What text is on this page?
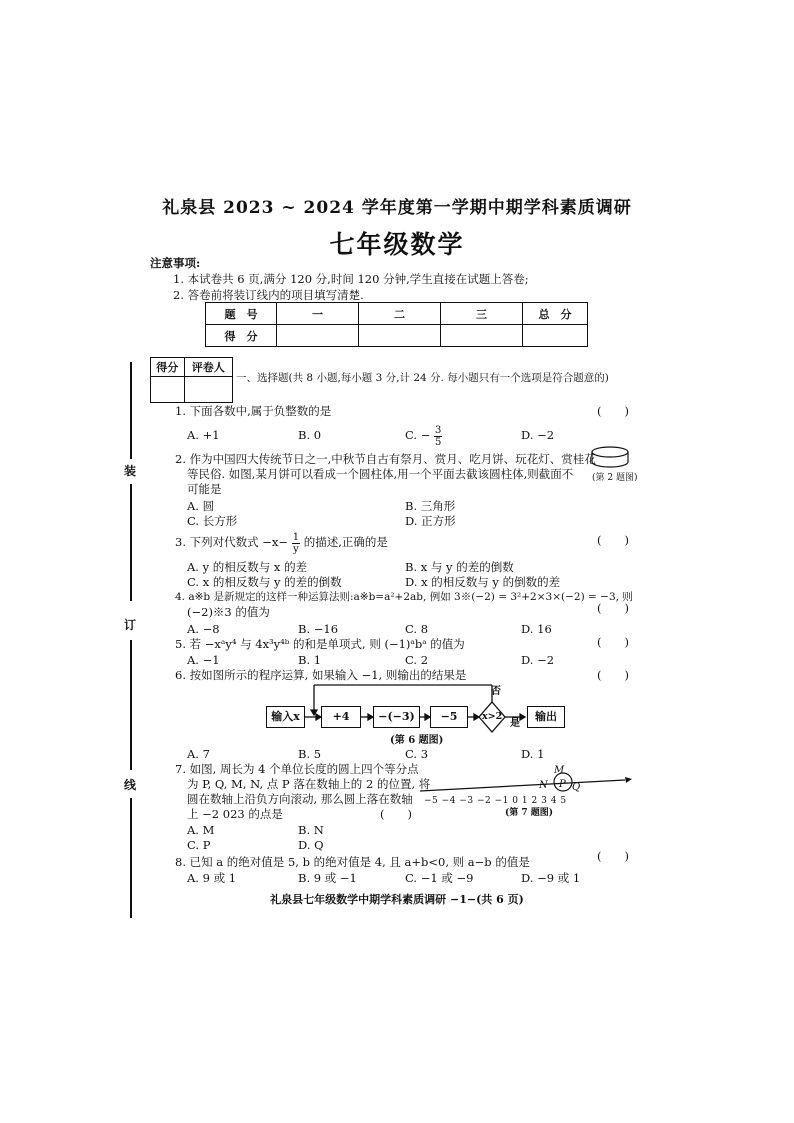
礼泉县 2023 ~ 2024 学年度第一学期中期学科素质调研
七年级数学
注意事项:
1. 本试卷共 6 页,满分 120 分,时间 120 分钟,学生直接在试题上答卷;
2. 答卷前将装订线内的项目填写清楚.
题　号	一	二	三	总　分
得　分				
装
订
线
得分	评卷人

一、选择题(共 8 小题,每小题 3 分,计 24 分. 每小题只有一个选项是符合题意的)
1. 下面各数中,属于负整数的是	(　　)
A. +1	B. 0	C. − $\frac{3}{5}$	D. −2
2. 作为中国四大传统节日之一,中秋节自古有祭月、赏月、吃月饼、玩花灯、赏桂花
等民俗. 如图,某月饼可以看成一个圆柱体,用一个平面去截该圆柱体,则截面不
可能是
A. 圆	B. 三角形
C. 长方形	D. 正方形
(第 2 题图)
3. 下列对代数式 $-x- \frac{1}{y}$ 的描述,正确的是	(　　)
A. y 的相反数与 x 的差	B. x 与 y 的差的倒数
C. x 的相反数与 y 的差的倒数	D. x 的相反数与 y 的倒数的差
4. a※b 是新规定的这样一种运算法则:a※b=a²+2ab, 例如 3※(−2) = 3²+2×3×(−2) = −3, 则
(−2)※3 的值为	(　　)
A. −8	B. −16	C. 8	D. 16
5. 若 −xᵃy⁴ 与 4x³y⁴ᵇ 的和是单项式, 则 (−1)ᵃbᵃ 的值为	(　　)
A. −1	B. 1	C. 2	D. −2
6. 按如图所示的程序运算, 如果输入 −1, 则输出的结果是	(　　)
输入x	+4	−(−3)	−5	x>2
是
否
输出
(第 6 题图)
A. 7	B. 5	C. 3	D. 1
7. 如图, 周长为 4 个单位长度的圆上四个等分点
为 P, Q, M, N, 点 P 落在数轴上的 2 的位置, 将
圆在数轴上沿负方向滚动, 那么圆上落在数轴
上 −2 023 的点是	(　　)
A. M	B. N
C. P	D. Q
−5 −4 −3 −2 −1 0 1 2 3 4 5
M
N P Q
(第 7 题图)
8. 已知 a 的绝对值是 5, b 的绝对值是 4, 且 a+b<0, 则 a−b 的值是	(　　)
A. 9 或 1	B. 9 或 −1	C. −1 或 −9	D. −9 或 1
礼泉县七年级数学中期学科素质调研 −1−(共 6 页)
